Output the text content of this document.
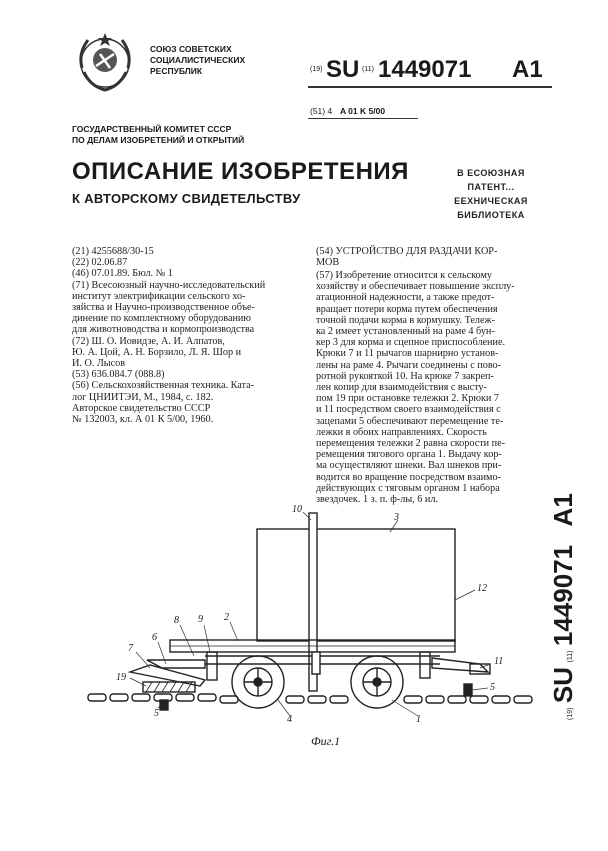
СОЮЗ СОВЕТСКИХ
СОЦИАЛИСТИЧЕСКИХ
РЕСПУБЛИК	(19) SU (11) 1449071 A1
(51) 4 A 01 K 5/00
ГОСУДАРСТВЕННЫЙ КОМИТЕТ СССР
ПО ДЕЛАМ ИЗОБРЕТЕНИЙ И ОТКРЫТИЙ
ОПИСАНИЕ ИЗОБРЕТЕНИЯ
К АВТОРСКОМУ СВИДЕТЕЛЬСТВУ
В ЕСОЮЗНАЯ
ПАТЕНТ... ЕЕХНИЧЕСКАЯ
БИБЛИОТЕКА
(21) 4255688/30-15
(22) 02.06.87
(46) 07.01.89. Бюл. № 1
(71) Всесоюзный научно-исследовательский
институт электрификации сельского хо-
зяйства и Научно-производственное объе-
динение по комплектному оборудованию
для животноводства и кормопроизводства
(72) Ш. О. Иовидзе, А. И. Алпатов,
Ю. А. Цой, А. Н. Борзило, Л. Я. Шор и
И. О. Лысов
(53) 636.084.7 (088.8)
(56) Сельскохозяйственная техника. Ката-
лог ЦНИИТЭИ, М., 1984, с. 182.
Авторское свидетельство СССР
№ 132003, кл. А 01 К 5/00, 1960.
(54) УСТРОЙСТВО ДЛЯ РАЗДАЧИ КОР-
МОВ
(57) Изобретение относится к сельскому
хозяйству и обеспечивает повышение эксплу-
атационной надежности, а также предот-
вращает потери корма путем обеспечения
точной подачи корма в кормушку. Тележ-
ка 2 имеет установленный на раме 4 бун-
кер 3 для корма и сцепное приспособление.
Крюки 7 и 11 рычагов шарнирно установ-
лены на раме 4. Рычаги соединены с пово-
ротной рукояткой 10. На крюке 7 закреп-
лен копир для взаимодействия с высту-
пом 19 при остановке тележки 2. Крюки 7
и 11 посредством своего взаимодействия с
зацепами 5 обеспечивают перемещение те-
лежки в обоих направлениях. Скорость
перемещения тележки 2 равна скорости пе-
ремещения тягового органа 1. Выдачу кор-
ма осуществляют шнеки. Вал шнеков при-
водится во вращение посредством взаимо-
действующих с тяговым органом 1 набора
звездочек. 1 з. п. ф-лы, 6 ил.
(19) SU (11) 1449071 A1
10
3
12
2
9
8
6
7
19
11
5
5
4	1
Фиг.1
